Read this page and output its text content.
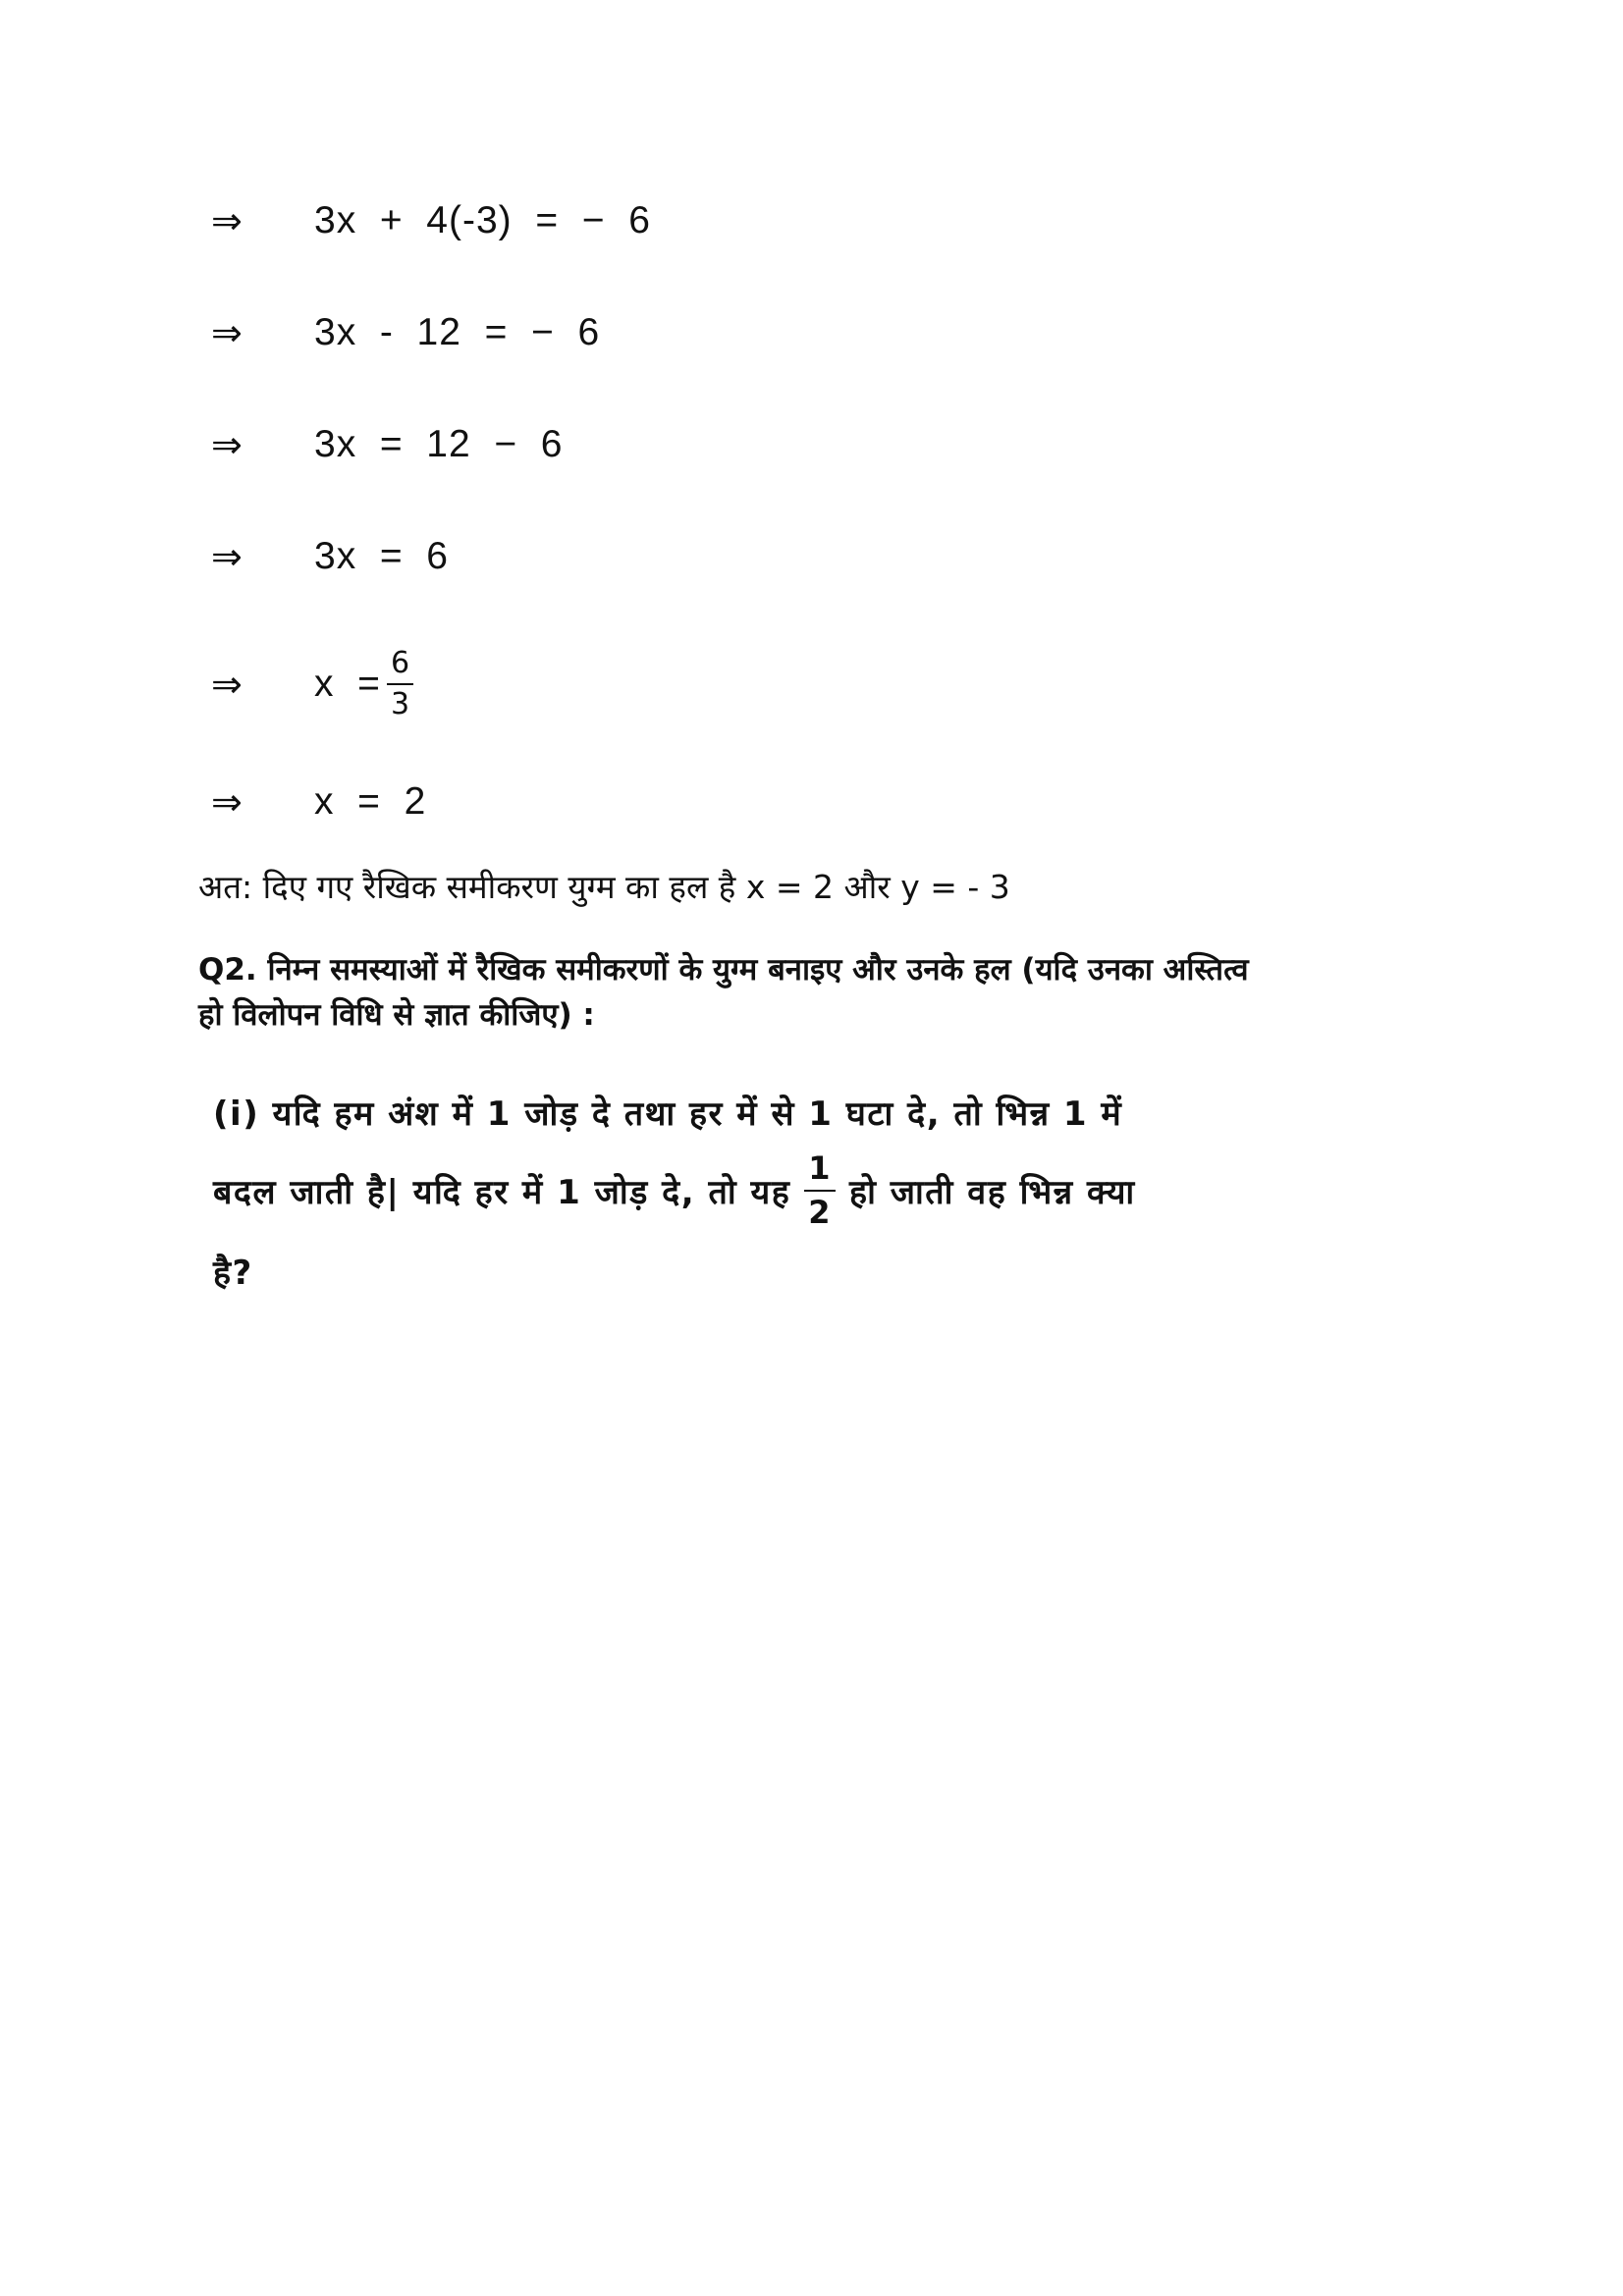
⇒	3x  +  4(-3)  =  −  6
⇒	3x  -  12  =  −  6
⇒	3x  =  12  −  6
⇒	3x  =  6
⇒	$x = \frac{6}{3}$
⇒	x  =  2
अत: दिए गए रैखिक समीकरण युग्म का हल है x = 2 और y = - 3
Q2. निम्न समस्याओं में रैखिक समीकरणों के युग्म बनाइए और उनके हल (यदि उनका अस्तित्व
हो विलोपन विधि से ज्ञात कीजिए) :
(i) यदि हम अंश में 1 जोड़ दे तथा हर में से 1 घटा दे, तो भिन्न 1 में
बदल जाती है| यदि हर में 1 जोड़ दे, तो यह $\frac{1}{2}$ हो जाती वह भिन्न क्या
है?
